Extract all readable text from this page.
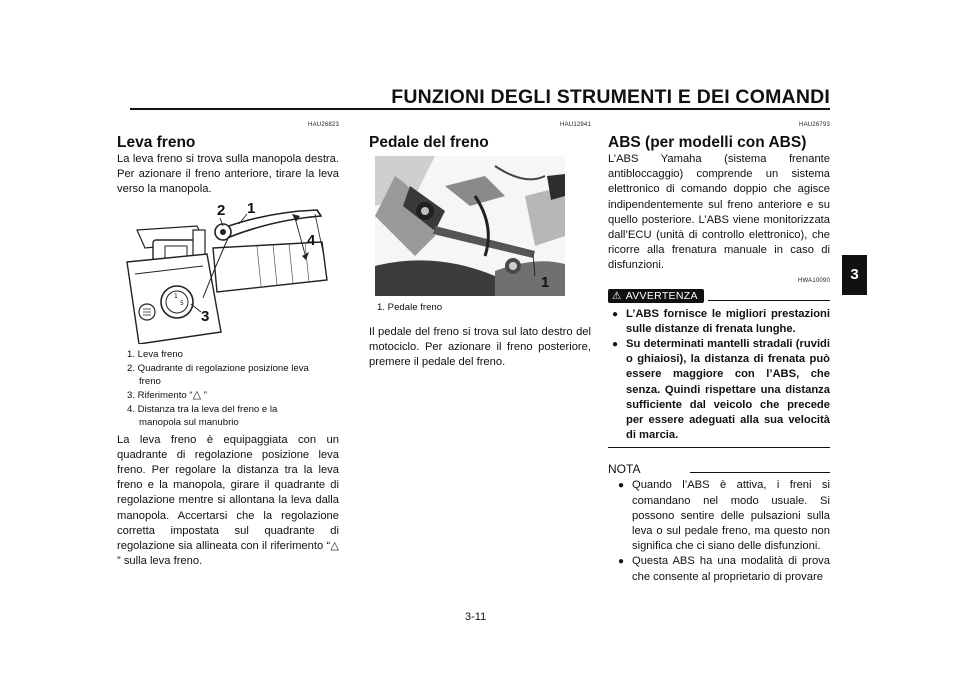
FUNZIONI DEGLI STRUMENTI E DEI COMANDI
3
HAU26823
Leva freno

La leva freno si trova sulla manopola destra. Per azionare il freno anteriore, tirare la leva verso la manopola.

1
5
2 1
4
3
1. Leva freno
2. Quadrante di regolazione posizione leva
freno
3. Riferimento “△ ”
4. Distanza tra la leva del freno e la
manopola sul manubrio

La leva freno è equipaggiata con un quadrante di regolazione posizione leva freno. Per regolare la distanza tra la leva freno e la manopola, girare il quadrante di regolazione mentre si allontana la leva dalla manopola. Accertarsi che la regolazione corretta impostata sul quadrante di regolazione sia allineata con il riferimento “△ ” sulla leva freno.

HAU12941
Pedale del freno
1
1. Pedale freno

Il pedale del freno si trova sul lato destro del motociclo. Per azionare il freno posteriore, premere il pedale del freno.

HAU26793
ABS (per modelli con ABS)

L’ABS Yamaha (sistema frenante antibloccaggio) comprende un sistema elettronico di comando doppio che agisce indipendentemente sul freno anteriore e su quello posteriore. L’ABS viene monitorizzata dall’ECU (unità di controllo elettronico), che ricorre alla frenatura manuale in caso di disfunzioni.

HWA10090
⚠ AVVERTENZA
● L’ABS fornisce le migliori prestazioni sulle distanze di frenata lunghe.
● Su determinati mantelli stradali (ruvidi o ghiaiosi), la distanza di frenata può essere maggiore con l’ABS, che senza. Quindi rispettare una distanza sufficiente dal veicolo che precede per essere adeguati alla sua velocità di marcia.
NOTA
● Quando l’ABS è attiva, i freni si comandano nel modo usuale. Si possono sentire delle pulsazioni sulla leva o sul pedale freno, ma questo non significa che ci siano delle disfunzioni.
● Questa ABS ha una modalità di prova che consente al proprietario di provare
3-11
